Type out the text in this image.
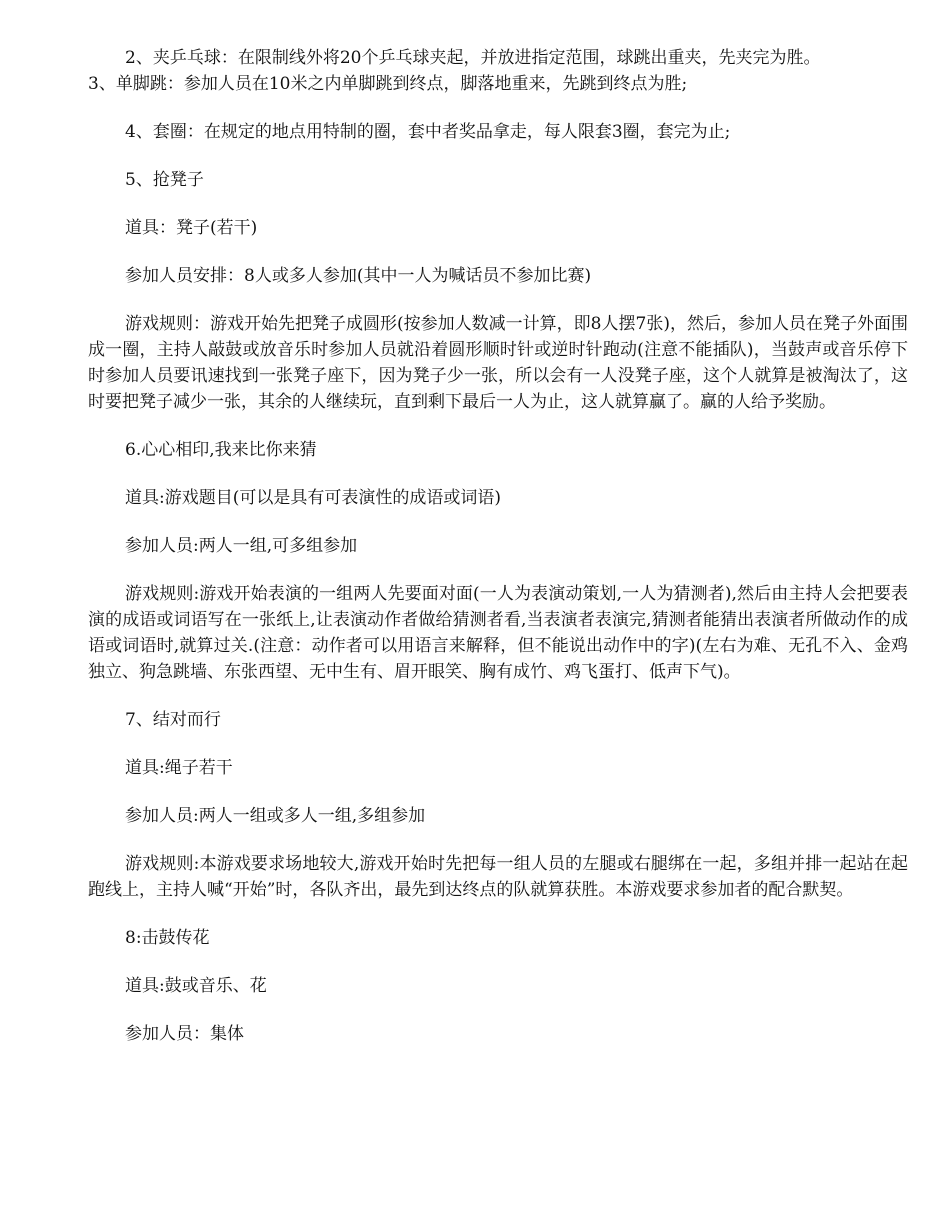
2、夹乒乓球：在限制线外将20个乒乓球夹起，并放进指定范围，球跳出重夹，先夹完为胜。

3、单脚跳：参加人员在10米之内单脚跳到终点，脚落地重来，先跳到终点为胜;

4、套圈：在规定的地点用特制的圈，套中者奖品拿走，每人限套3圈，套完为止;

5、抢凳子

道具：凳子(若干)

参加人员安排：8人或多人参加(其中一人为喊话员不参加比赛)

游戏规则：游戏开始先把凳子成圆形(按参加人数减一计算，即8人摆7张)，然后，参加人员在凳子外面围成一圈，主持人敲鼓或放音乐时参加人员就沿着圆形顺时针或逆时针跑动(注意不能插队)，当鼓声或音乐停下时参加人员要讯速找到一张凳子座下，因为凳子少一张，所以会有一人没凳子座，这个人就算是被淘汰了，这时要把凳子减少一张，其余的人继续玩，直到剩下最后一人为止，这人就算赢了。赢的人给予奖励。

6.心心相印,我来比你来猜

道具:游戏题目(可以是具有可表演性的成语或词语)

参加人员:两人一组,可多组参加

游戏规则:游戏开始表演的一组两人先要面对面(一人为表演动策划,一人为猜测者),然后由主持人会把要表演的成语或词语写在一张纸上,让表演动作者做给猜测者看,当表演者表演完,猜测者能猜出表演者所做动作的成语或词语时,就算过关.(注意：动作者可以用语言来解释，但不能说出动作中的字)(左右为难、无孔不入、金鸡独立、狗急跳墙、东张西望、无中生有、眉开眼笑、胸有成竹、鸡飞蛋打、低声下气)。

7、结对而行

道具:绳子若干

参加人员:两人一组或多人一组,多组参加

游戏规则:本游戏要求场地较大,游戏开始时先把每一组人员的左腿或右腿绑在一起，多组并排一起站在起跑线上，主持人喊“开始”时，各队齐出，最先到达终点的队就算获胜。本游戏要求参加者的配合默契。

8:击鼓传花

道具:鼓或音乐、花

参加人员：集体
